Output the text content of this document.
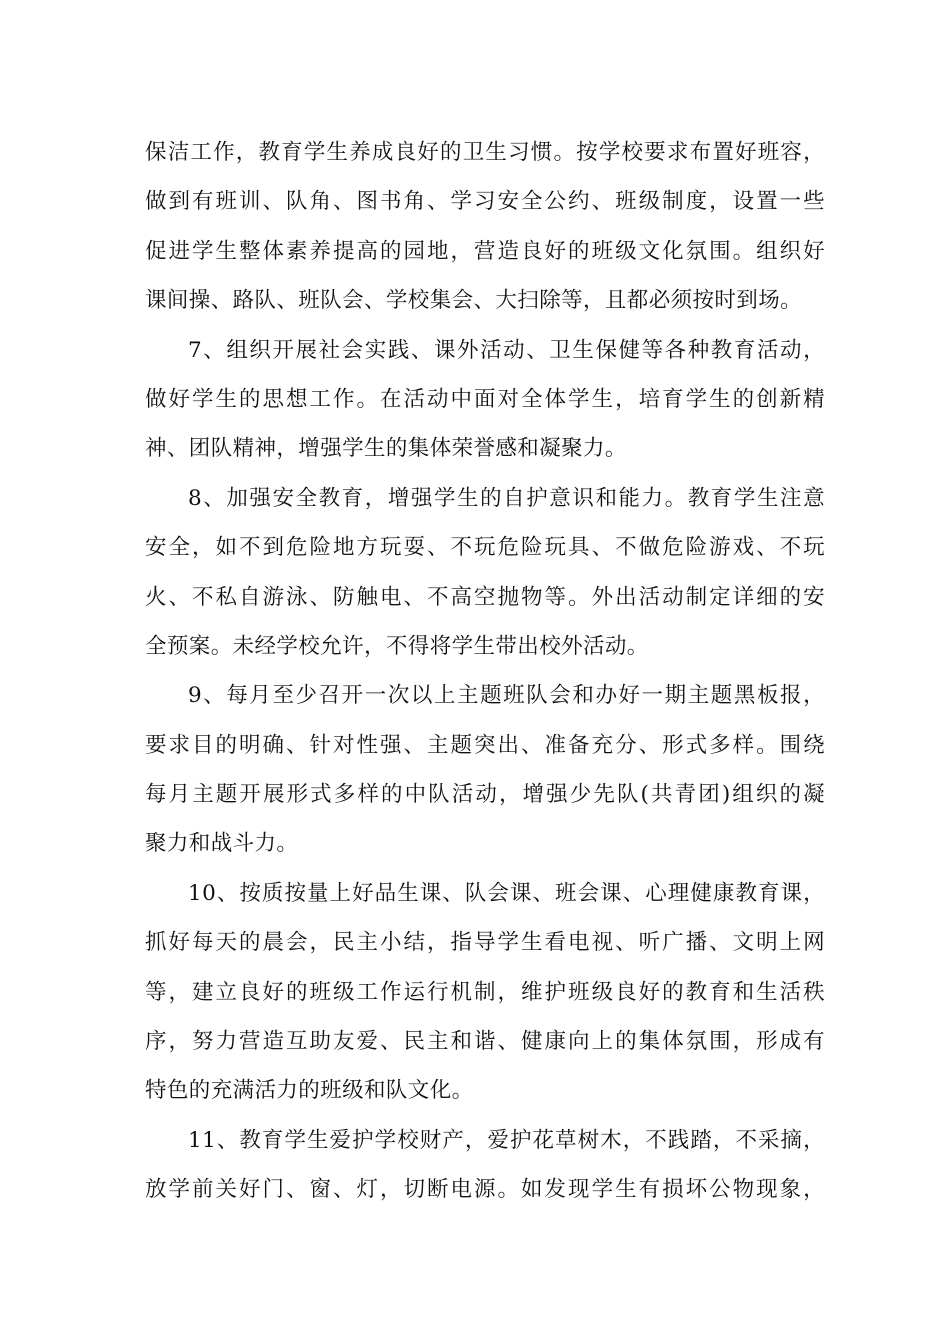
保洁工作，教育学生养成良好的卫生习惯。按学校要求布置好班容，
做到有班训、队角、图书角、学习安全公约、班级制度，设置一些
促进学生整体素养提高的园地，营造良好的班级文化氛围。组织好
课间操、路队、班队会、学校集会、大扫除等，且都必须按时到场。
7、组织开展社会实践、课外活动、卫生保健等各种教育活动，
做好学生的思想工作。在活动中面对全体学生，培育学生的创新精
神、团队精神，增强学生的集体荣誉感和凝聚力。
8、加强安全教育，增强学生的自护意识和能力。教育学生注意
安全，如不到危险地方玩耍、不玩危险玩具、不做危险游戏、不玩
火、不私自游泳、防触电、不高空抛物等。外出活动制定详细的安
全预案。未经学校允许，不得将学生带出校外活动。
9、每月至少召开一次以上主题班队会和办好一期主题黑板报，
要求目的明确、针对性强、主题突出、准备充分、形式多样。围绕
每月主题开展形式多样的中队活动，增强少先队(共青团)组织的凝
聚力和战斗力。
10、按质按量上好品生课、队会课、班会课、心理健康教育课，
抓好每天的晨会，民主小结，指导学生看电视、听广播、文明上网
等，建立良好的班级工作运行机制，维护班级良好的教育和生活秩
序，努力营造互助友爱、民主和谐、健康向上的集体氛围，形成有
特色的充满活力的班级和队文化。
11、教育学生爱护学校财产，爱护花草树木，不践踏，不采摘，
放学前关好门、窗、灯，切断电源。如发现学生有损坏公物现象，
